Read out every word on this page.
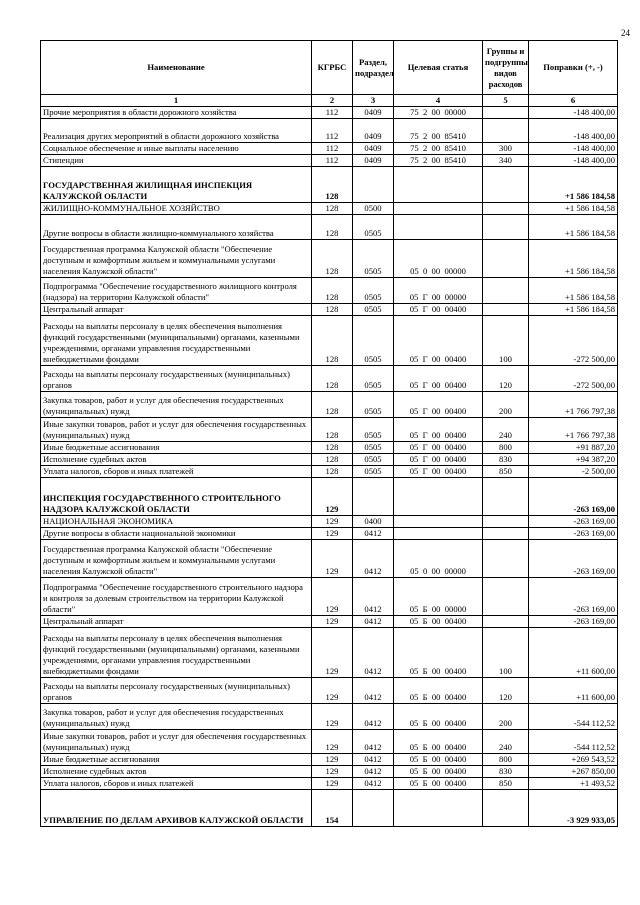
24
Наименование	КГРБС	Раздел, подраздел	Целевая статья	Группы и подгруппы видов расходов	Поправки (+, -)
1	2	3	4	5	6
Прочие мероприятия в области дорожного хозяйства	112	0409	75  2  00  00000		-148 400,00
Реализация других мероприятий в области дорожного хозяйства	112	0409	75  2  00  85410		-148 400,00
Социальное обеспечение и иные выплаты населению	112	0409	75  2  00  85410	300	-148 400,00
Стипендии	112	0409	75  2  00  85410	340	-148 400,00
ГОСУДАРСТВЕННАЯ ЖИЛИЩНАЯ ИНСПЕКЦИЯ КАЛУЖСКОЙ ОБЛАСТИ	128				+1 586 184,58
ЖИЛИЩНО-КОММУНАЛЬНОЕ ХОЗЯЙСТВО	128	0500			+1 586 184,58
Другие вопросы в области жилищно-коммунального хозяйства	128	0505			+1 586 184,58
Государственная программа Калужской области "Обеспечение доступным и комфортным жильем и коммунальными услугами населения Калужской области"	128	0505	05  0  00  00000		+1 586 184,58
Подпрограмма "Обеспечение государственного жилищного контроля (надзора) на территории Калужской области"	128	0505	05  Г  00  00000		+1 586 184,58
Центральный аппарат	128	0505	05  Г  00  00400		+1 586 184,58
Расходы на выплаты персоналу в целях обеспечения выполнения функций государственными (муниципальными) органами, казенными учреждениями, органами управления государственными внебюджетными фондами	128	0505	05  Г  00  00400	100	-272 500,00
Расходы на выплаты персоналу государственных (муниципальных) органов	128	0505	05  Г  00  00400	120	-272 500,00
Закупка товаров, работ и услуг для обеспечения государственных (муниципальных) нужд	128	0505	05  Г  00  00400	200	+1 766 797,38
Иные закупки товаров, работ и услуг для обеспечения государственных (муниципальных) нужд	128	0505	05  Г  00  00400	240	+1 766 797,38
Иные бюджетные ассигнования	128	0505	05  Г  00  00400	800	+91 887,20
Исполнение судебных актов	128	0505	05  Г  00  00400	830	+94 387,20
Уплата налогов, сборов и иных платежей	128	0505	05  Г  00  00400	850	-2 500,00
ИНСПЕКЦИЯ ГОСУДАРСТВЕННОГО СТРОИТЕЛЬНОГО НАДЗОРА КАЛУЖСКОЙ ОБЛАСТИ	129				-263 169,00
НАЦИОНАЛЬНАЯ ЭКОНОМИКА	129	0400			-263 169,00
Другие вопросы в области национальной экономики	129	0412			-263 169,00
Государственная программа Калужской области "Обеспечение доступным и комфортным жильем и коммунальными услугами населения Калужской области"	129	0412	05  0  00  00000		-263 169,00
Подпрограмма "Обеспечение государственного строительного надзора и контроля за долевым строительством на территории Калужской области"	129	0412	05  Б  00  00000		-263 169,00
Центральный аппарат	129	0412	05  Б  00  00400		-263 169,00
Расходы на выплаты персоналу в целях обеспечения выполнения функций государственными (муниципальными) органами, казенными учреждениями, органами управления государственными внебюджетными фондами	129	0412	05  Б  00  00400	100	+11 600,00
Расходы на выплаты персоналу государственных (муниципальных) органов	129	0412	05  Б  00  00400	120	+11 600,00
Закупка товаров, работ и услуг для обеспечения государственных (муниципальных) нужд	129	0412	05  Б  00  00400	200	-544 112,52
Иные закупки товаров, работ и услуг для обеспечения государственных (муниципальных) нужд	129	0412	05  Б  00  00400	240	-544 112,52
Иные бюджетные ассигнования	129	0412	05  Б  00  00400	800	+269 543,52
Исполнение судебных актов	129	0412	05  Б  00  00400	830	+267 850,00
Уплата налогов, сборов и иных платежей	129	0412	05  Б  00  00400	850	+1 493,52
УПРАВЛЕНИЕ ПО ДЕЛАМ АРХИВОВ КАЛУЖСКОЙ ОБЛАСТИ	154				-3 929 933,05
